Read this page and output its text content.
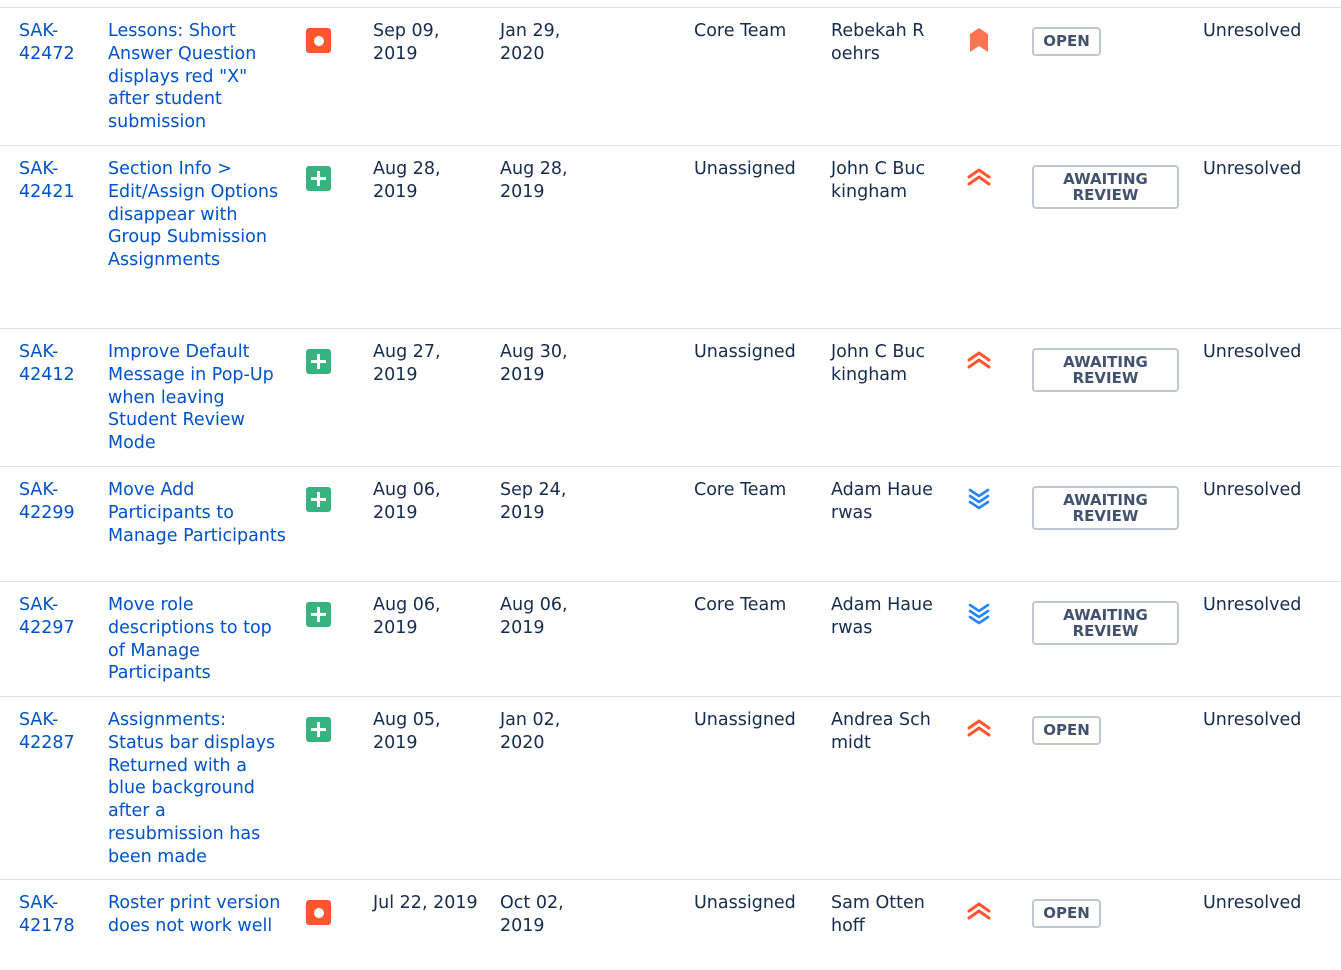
SAK-42472
Lessons: Short Answer Question displays red "X" after student submission
Sep 09, 2019
Jan 29, 2020
Core Team	Rebekah Roehrs
OPEN	Unresolved
SAK-42421
Section Info > Edit/Assign Options disappear with Group Submission Assignments
Aug 28, 2019
Aug 28, 2019
Unassigned	John C Buckingham
AWAITING REVIEW
Unresolved
SAK-42412
Improve Default Message in Pop-Up when leaving Student Review Mode
Aug 27, 2019
Aug 30, 2019
Unassigned	John C Buckingham
AWAITING REVIEW
Unresolved
SAK-42299
Move Add Participants to Manage Participants
Aug 06, 2019
Sep 24, 2019
Core Team	Adam Hauerwas
AWAITING REVIEW
Unresolved
SAK-42297
Move role descriptions to top of Manage Participants
Aug 06, 2019
Aug 06, 2019
Core Team	Adam Hauerwas
AWAITING REVIEW
Unresolved
SAK-42287
Assignments: Status bar displays Returned with a blue background after a resubmission has been made
Aug 05, 2019
Jan 02, 2020
Unassigned	Andrea Schmidt
OPEN	Unresolved
SAK-42178
Roster print version does not work well
Jul 22, 2019	Oct 02, 2019
Unassigned	Sam Ottenhoff
OPEN	Unresolved
